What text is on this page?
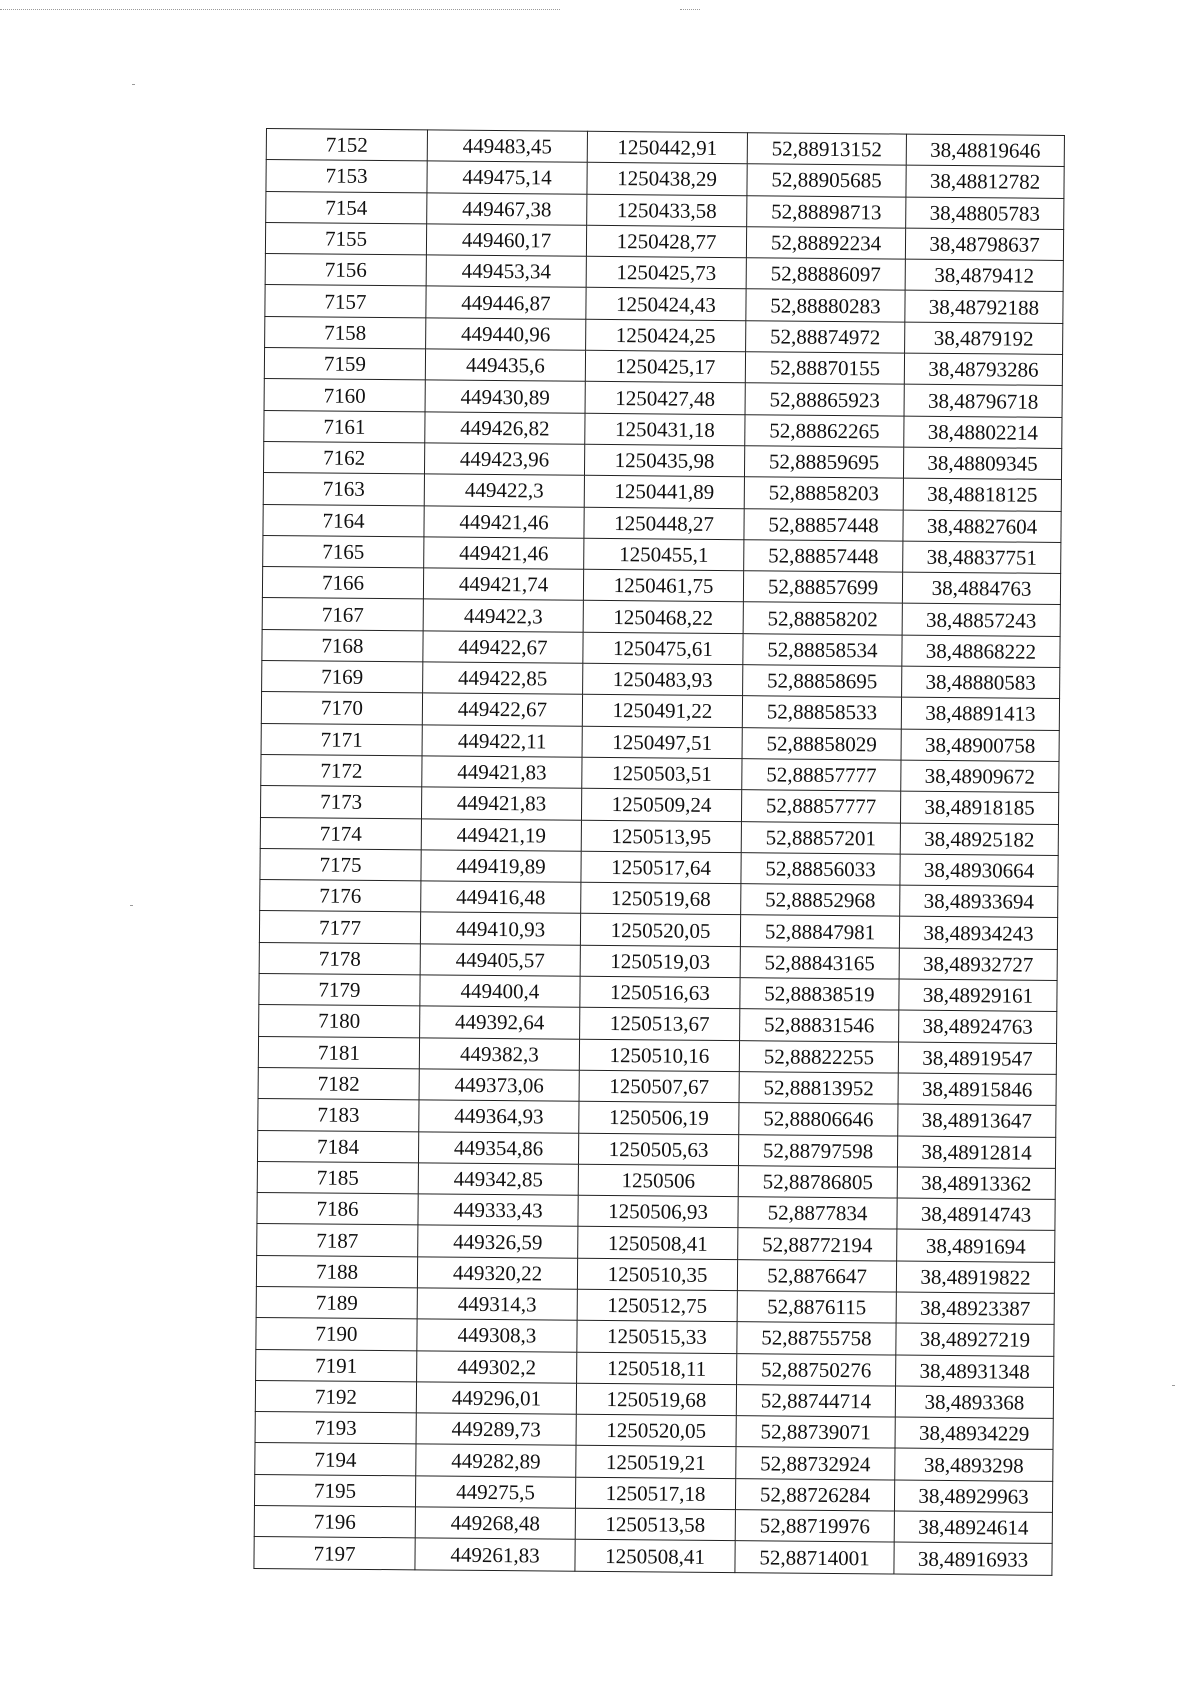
7152	449483,45	1250442,91	52,88913152	38,48819646
7153	449475,14	1250438,29	52,88905685	38,48812782
7154	449467,38	1250433,58	52,88898713	38,48805783
7155	449460,17	1250428,77	52,88892234	38,48798637
7156	449453,34	1250425,73	52,88886097	38,4879412
7157	449446,87	1250424,43	52,88880283	38,48792188
7158	449440,96	1250424,25	52,88874972	38,4879192
7159	449435,6	1250425,17	52,88870155	38,48793286
7160	449430,89	1250427,48	52,88865923	38,48796718
7161	449426,82	1250431,18	52,88862265	38,48802214
7162	449423,96	1250435,98	52,88859695	38,48809345
7163	449422,3	1250441,89	52,88858203	38,48818125
7164	449421,46	1250448,27	52,88857448	38,48827604
7165	449421,46	1250455,1	52,88857448	38,48837751
7166	449421,74	1250461,75	52,88857699	38,4884763
7167	449422,3	1250468,22	52,88858202	38,48857243
7168	449422,67	1250475,61	52,88858534	38,48868222
7169	449422,85	1250483,93	52,88858695	38,48880583
7170	449422,67	1250491,22	52,88858533	38,48891413
7171	449422,11	1250497,51	52,88858029	38,48900758
7172	449421,83	1250503,51	52,88857777	38,48909672
7173	449421,83	1250509,24	52,88857777	38,48918185
7174	449421,19	1250513,95	52,88857201	38,48925182
7175	449419,89	1250517,64	52,88856033	38,48930664
7176	449416,48	1250519,68	52,88852968	38,48933694
7177	449410,93	1250520,05	52,88847981	38,48934243
7178	449405,57	1250519,03	52,88843165	38,48932727
7179	449400,4	1250516,63	52,88838519	38,48929161
7180	449392,64	1250513,67	52,88831546	38,48924763
7181	449382,3	1250510,16	52,88822255	38,48919547
7182	449373,06	1250507,67	52,88813952	38,48915846
7183	449364,93	1250506,19	52,88806646	38,48913647
7184	449354,86	1250505,63	52,88797598	38,48912814
7185	449342,85	1250506	52,88786805	38,48913362
7186	449333,43	1250506,93	52,8877834	38,48914743
7187	449326,59	1250508,41	52,88772194	38,4891694
7188	449320,22	1250510,35	52,8876647	38,48919822
7189	449314,3	1250512,75	52,8876115	38,48923387
7190	449308,3	1250515,33	52,88755758	38,48927219
7191	449302,2	1250518,11	52,88750276	38,48931348
7192	449296,01	1250519,68	52,88744714	38,4893368
7193	449289,73	1250520,05	52,88739071	38,48934229
7194	449282,89	1250519,21	52,88732924	38,4893298
7195	449275,5	1250517,18	52,88726284	38,48929963
7196	449268,48	1250513,58	52,88719976	38,48924614
7197	449261,83	1250508,41	52,88714001	38,48916933
